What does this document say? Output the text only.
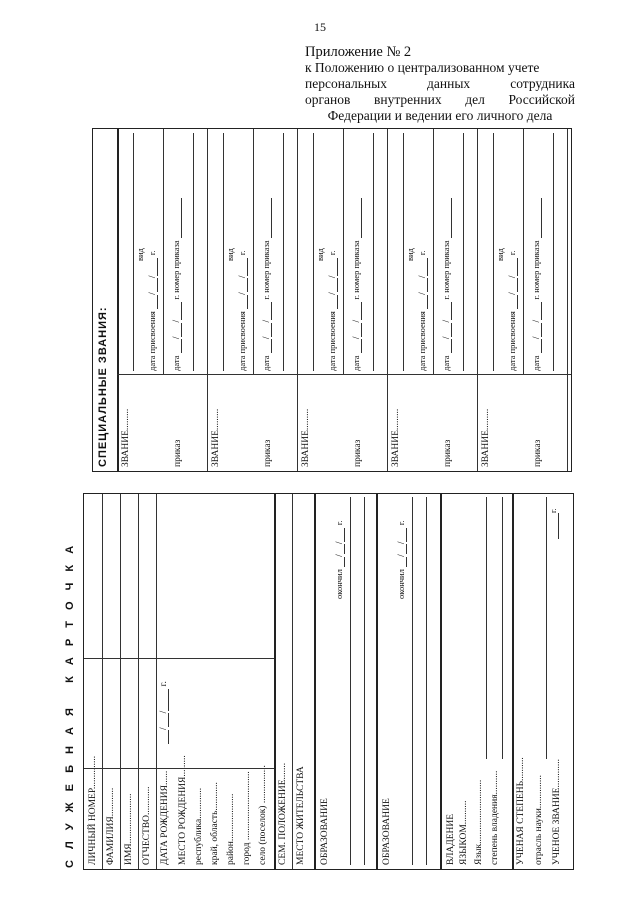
15
Приложение № 2
к Положению о централизованном учете
персональных данных сотрудника
органов внутренних дел Российской
Федерации и ведении его личного дела
С Л У Ж Е Б Н А Я   К А Р Т О Ч К А ЛИЧНЫЙ НОМЕР.............. ФАМИЛИЯ............ ИМЯ..................... ОТЧЕСТВО............ ДАТА РОЖДЕНИЯ......
// г.
МЕСТО РОЖДЕНИЯ......... республика............. край, область............ район.................... город ............................. село (поселок) ................ СЕМ. ПОЛОЖЕНИЕ....... МЕСТО ЖИТЕЛЬСТВА ОБРАЗОВАНИЕ
окончил // г.
ОБРАЗОВАНИЕ
окончил // г.
ВЛАДЕНИЕ ЯЗЫКОМ.......... Язык........................... степень владения.......... УЧЕНАЯ СТЕПЕНЬ.......... отрасль науки.............. УЧЕНОЕ ЗВАНИЕ............
г.
СПЕЦИАЛЬНЫЕ ЗВАНИЯ: ЗВАНИЕ.........
вид
дата присвоения // г.
приказ
дата // г. номер приказа
ЗВАНИЕ.........
вид
дата присвоения // г.
приказ
дата // г. номер приказа
ЗВАНИЕ.........
вид
дата присвоения // г.
приказ
дата // г. номер приказа
ЗВАНИЕ.........
вид
дата присвоения // г.
приказ
дата // г. номер приказа
ЗВАНИЕ.........
вид
дата присвоения // г.
приказ
дата // г. номер приказа
